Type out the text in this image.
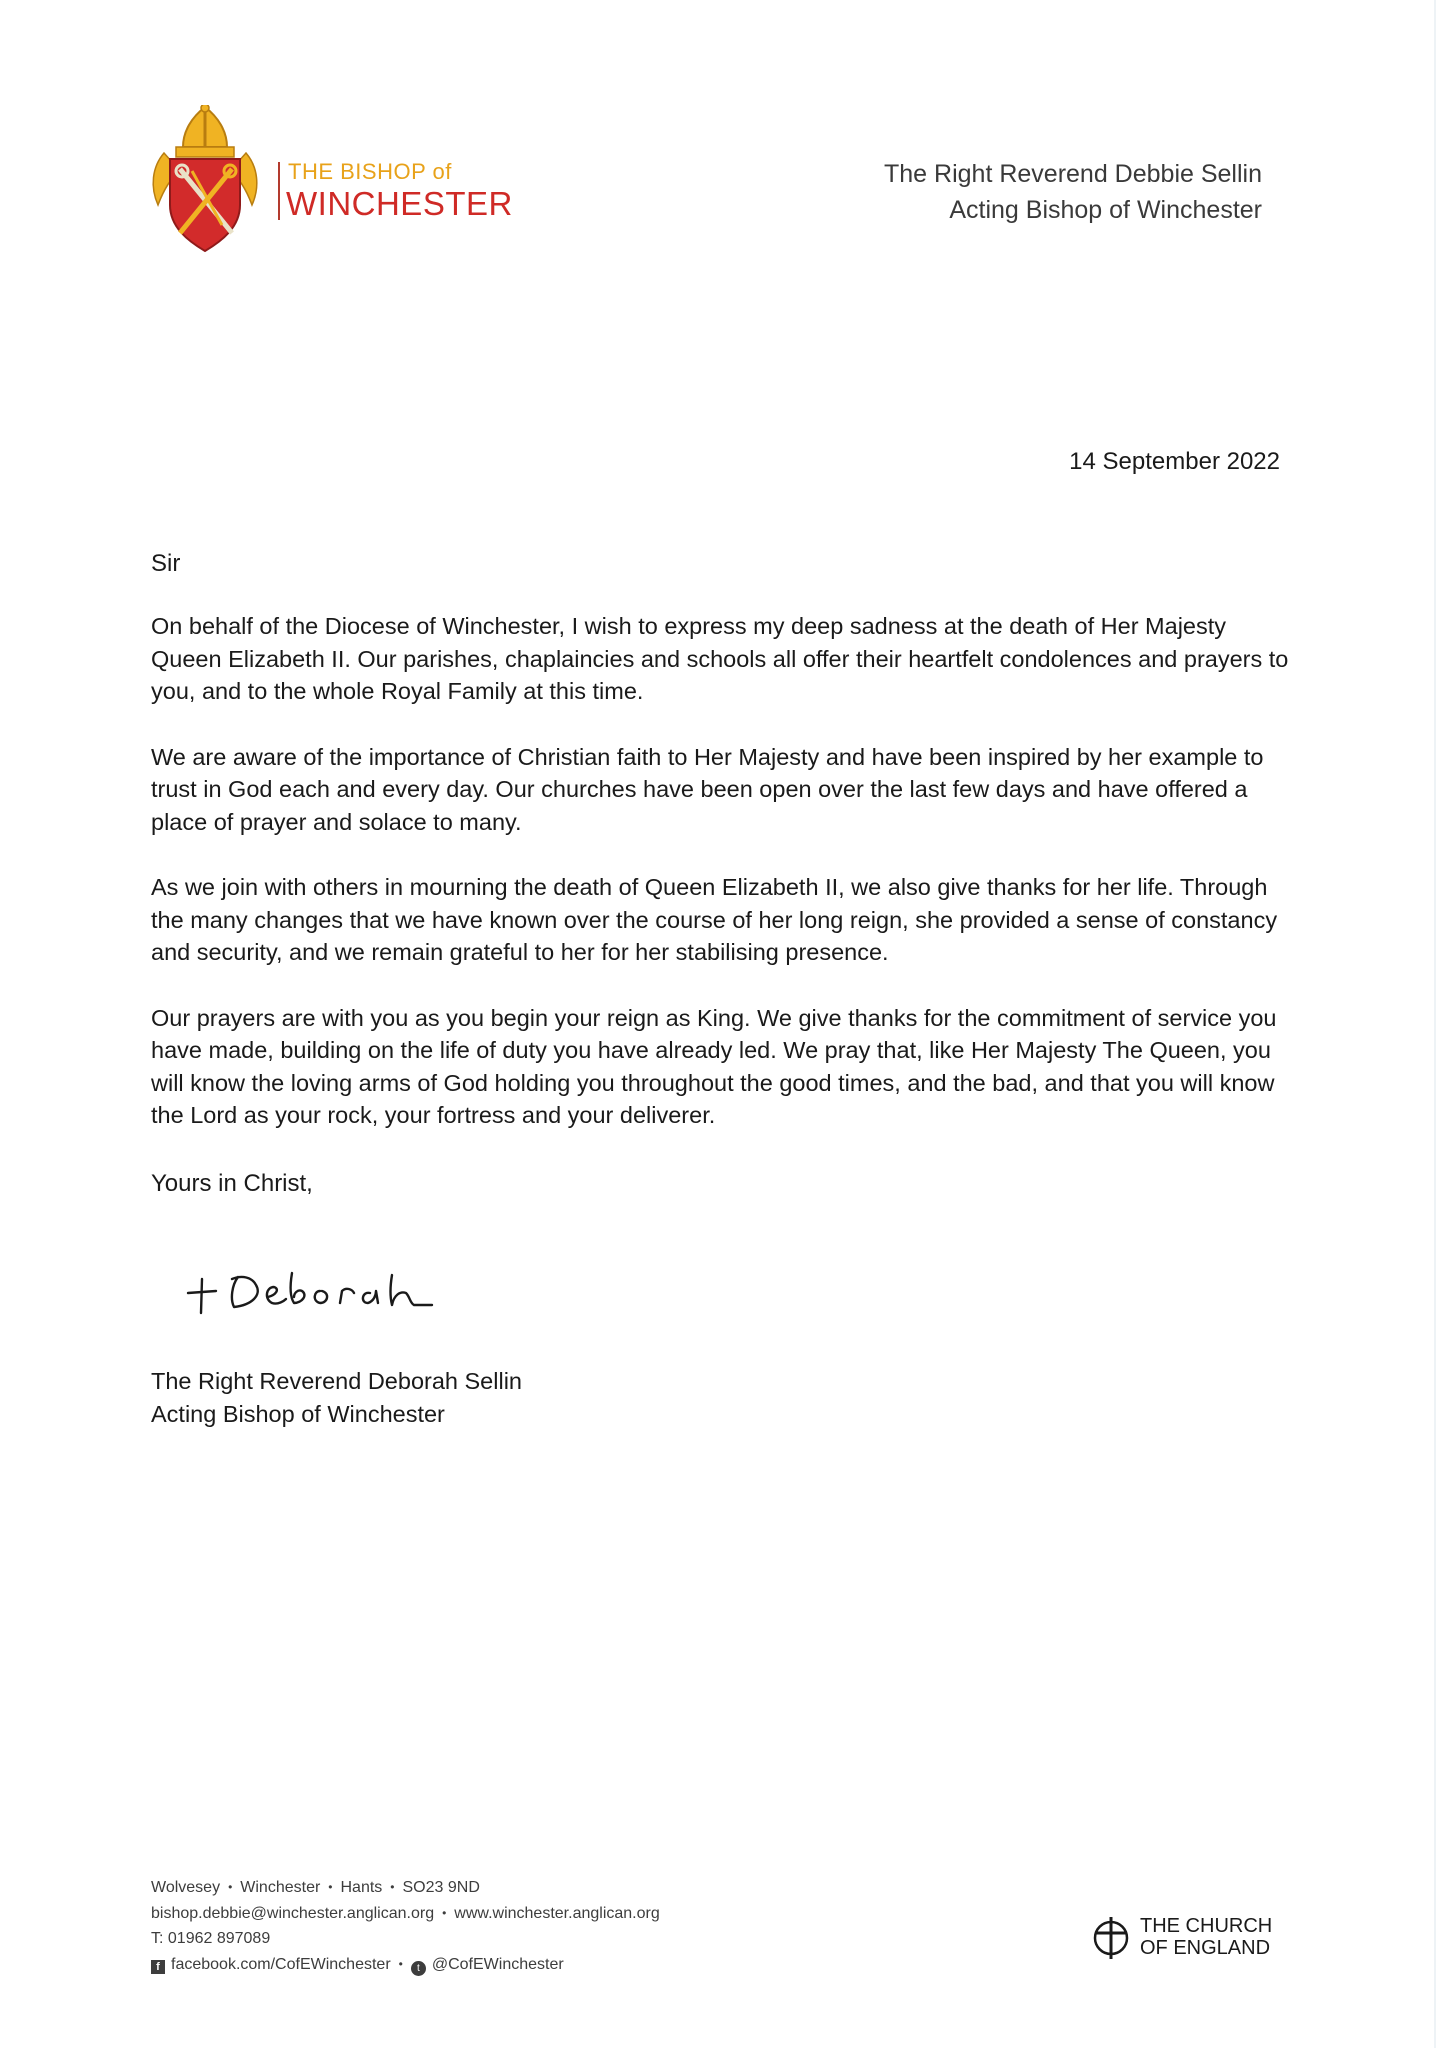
THE BISHOP of
WINCHESTER
The Right Reverend Debbie Sellin
Acting Bishop of Winchester
14 September 2022
Sir

On behalf of the Diocese of Winchester, I wish to express my deep sadness at the death of Her Majesty Queen Elizabeth II. Our parishes, chaplaincies and schools all offer their heartfelt condolences and prayers to you, and to the whole Royal Family at this time.

We are aware of the importance of Christian faith to Her Majesty and have been inspired by her example to trust in God each and every day. Our churches have been open over the last few days and have offered a place of prayer and solace to many.

As we join with others in mourning the death of Queen Elizabeth II, we also give thanks for her life. Through the many changes that we have known over the course of her long reign, she provided a sense of constancy and security, and we remain grateful to her for her stabilising presence.

Our prayers are with you as you begin your reign as King. We give thanks for the commitment of service you have made, building on the life of duty you have already led. We pray that, like Her Majesty The Queen, you will know the loving arms of God holding you throughout the good times, and the bad, and that you will know the Lord as your rock, your fortress and your deliverer.

Yours in Christ,
The Right Reverend Deborah Sellin
Acting Bishop of Winchester
Wolvesey • Winchester • Hants • SO23 9ND
bishop.debbie@winchester.anglican.org • www.winchester.anglican.org
T: 01962 897089
f facebook.com/CofEWinchester • t @CofEWinchester
THE CHURCH
OF ENGLAND
